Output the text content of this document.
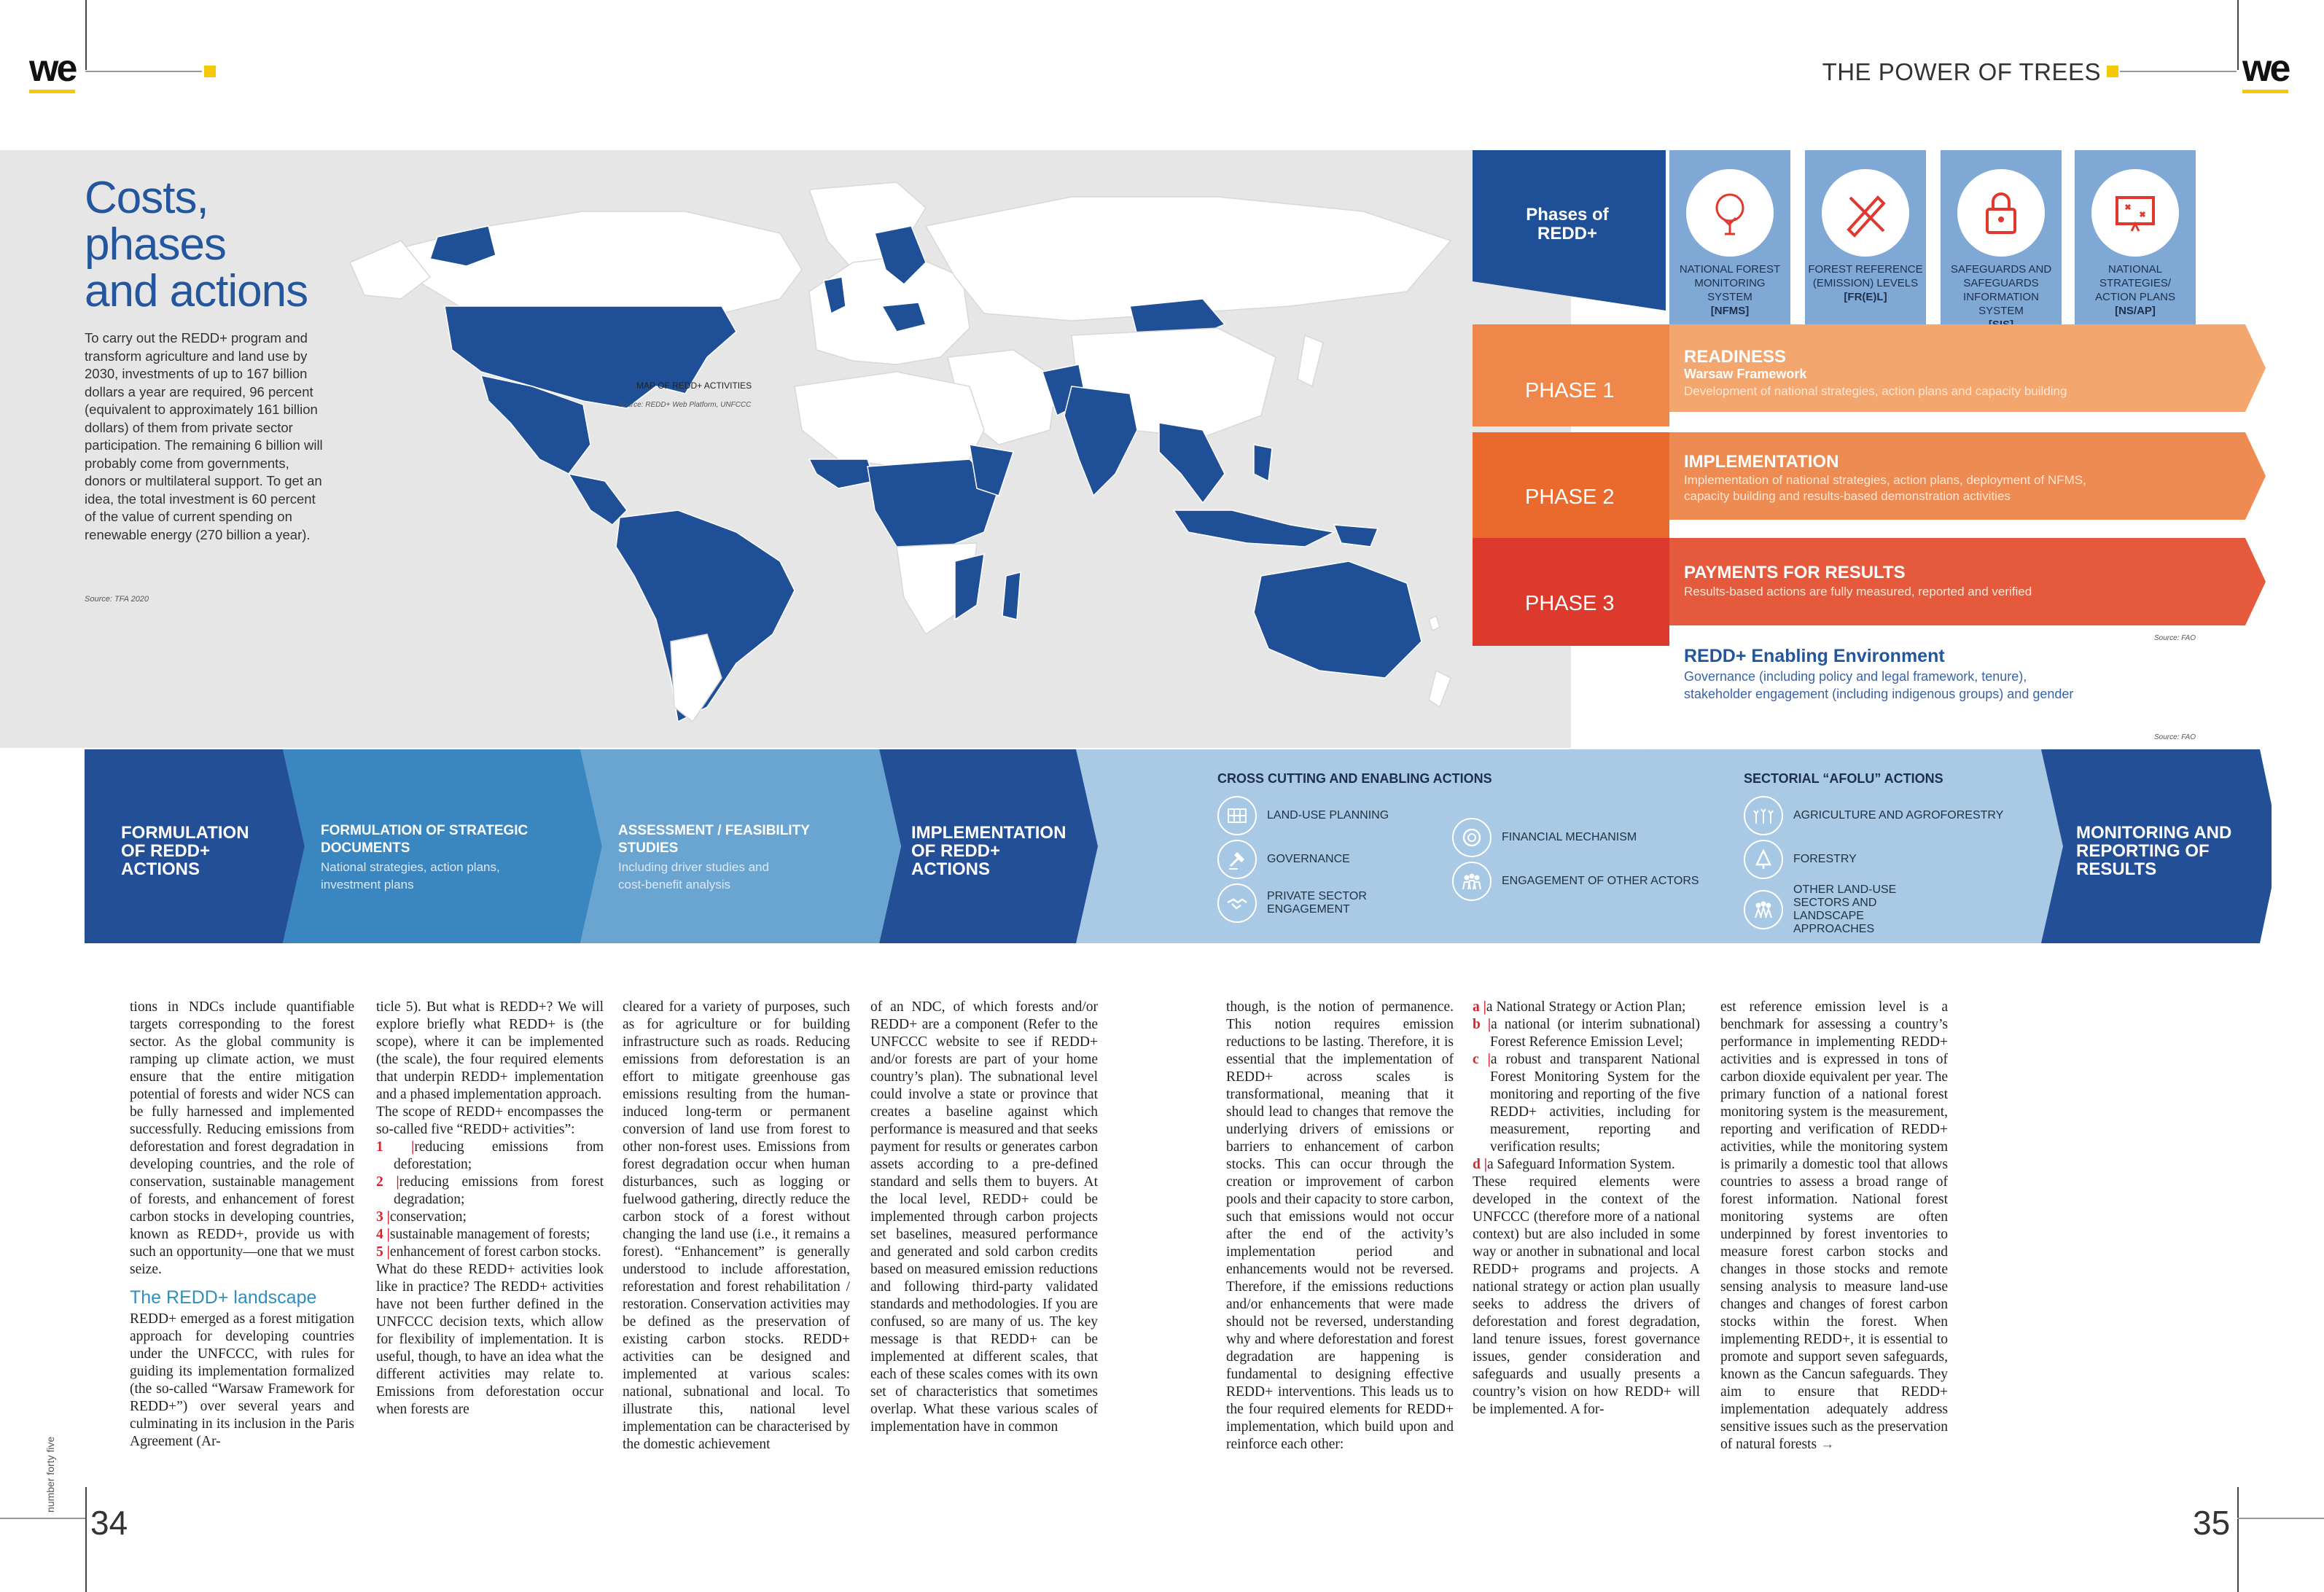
we	THE POWER OF TREES	we
Costs,
phases
and actions
To carry out the REDD+ program and transform agriculture and land use by 2030, investments of up to 167 billion dollars a year are required, 96 percent (equivalent to approximately 161 billion dollars) of them from private sector participation. The remaining 6 billion will probably come from governments, donors or multilateral support. To get an idea, the total investment is 60 percent of the value of current spending on renewable energy (270 billion a year).
Source: TFA 2020
MAP OF REDD+ ACTIVITIES
Source: REDD+ Web Platform, UNFCCC
Phases of REDD+
NATIONAL FOREST MONITORING SYSTEM
[NFMS]
FOREST REFERENCE (EMISSION) LEVELS
[FR(E)L]
SAFEGUARDS AND SAFEGUARDS INFORMATION SYSTEM

NATIONAL STRATEGIES/ ACTION PLANS
[NS/AP]
PHASE 1
READINESS
Warsaw Framework
Development of national strategies, action plans and capacity building
PHASE 2
IMPLEMENTATION
Implementation of national strategies, action plans, deployment of NFMS, capacity building and results-based demonstration activities
PHASE 3
PAYMENTS FOR RESULTS
Results-based actions are fully measured, reported and verified
Source: FAO
REDD+ Enabling Environment
Governance (including policy and legal framework, tenure), stakeholder engagement (including indigenous groups) and gender
Source: FAO
FORMULATION OF REDD+ ACTIONS
FORMULATION OF STRATEGIC DOCUMENTS
National strategies, action plans, investment plans
ASSESSMENT / FEASIBILITY STUDIES
Including driver studies and cost-benefit analysis
IMPLEMENTATION OF REDD+ ACTIONS
CROSS CUTTING AND ENABLING ACTIONS
LAND-USE PLANNING
GOVERNANCE
PRIVATE SECTOR ENGAGEMENT
FINANCIAL MECHANISM
ENGAGEMENT OF OTHER ACTORS
SECTORIAL “AFOLU” ACTIONS
AGRICULTURE AND AGROFORESTRY
FORESTRY
OTHER LAND-USE SECTORS AND LANDSCAPE APPROACHES
MONITORING AND REPORTING OF RESULTS

tions in NDCs include quantifiable targets corresponding to the forest sector. As the global community is ramping up climate action, we must ensure that the entire mitigation potential of forests and wider NCS can be fully harnessed and implemented successfully. Reducing emissions from deforestation and forest degradation in developing countries, and the role of conservation, sustainable management of forests, and enhancement of forest carbon stocks in developing countries, known as REDD+, provide us with such an opportunity—one that we must seize.

The REDD+ landscape

REDD+ emerged as a forest mitigation approach for developing countries under the UNFCCC, with rules for guiding its implementation formalized (the so-called “Warsaw Framework for REDD+”) over several years and culminating in its inclusion in the Paris Agreement (Ar-

ticle 5). But what is REDD+? We will explore briefly what REDD+ is (the scope), where it can be implemented (the scale), the four required elements that underpin REDD+ implementation and a phased implementation approach.

The scope of REDD+ encompasses the so-called five “REDD+ activities”:

1 |reducing emissions from deforestation;

2 |reducing emissions from forest degradation;

3 |conservation;

4 |sustainable management of forests;

5 |enhancement of forest carbon stocks.

What do these REDD+ activities look like in practice? The REDD+ activities have not been further defined in the UNFCCC decision texts, which allow for flexibility of implementation. It is useful, though, to have an idea what the different activities may relate to. Emissions from deforestation occur when forests are

cleared for a variety of purposes, such as for agriculture or for building infrastructure such as roads. Reducing emissions from deforestation is an effort to mitigate greenhouse gas emissions resulting from the human-induced long-term or permanent conversion of land use from forest to other non-forest uses. Emissions from forest degradation occur when human disturbances, such as logging or fuelwood gathering, directly reduce the carbon stock of a forest without changing the land use (i.e., it remains a forest). “Enhancement” is generally understood to include afforestation, reforestation and forest rehabilitation / restoration. Conservation activities may be defined as the preservation of existing carbon stocks. REDD+ activities can be designed and implemented at various scales: national, subnational and local. To illustrate this, national level implementation can be characterised by the domestic achievement

of an NDC, of which forests and/or REDD+ are a component (Refer to the UNFCCC website to see if REDD+ and/or forests are part of your home country’s plan). The subnational level could involve a state or province that creates a baseline against which performance is measured and that seeks payment for results or generates carbon assets according to a pre-defined standard and sells them to buyers. At the local level, REDD+ could be implemented through carbon projects set baselines, measured performance and generated and sold carbon credits based on measured emission reductions and following third-party validated standards and methodologies. If you are confused, so are many of us. The key message is that REDD+ can be implemented at different scales, that each of these scales comes with its own set of characteristics that sometimes overlap. What these various scales of implementation have in common

though, is the notion of permanence. This notion requires emission reductions to be lasting. Therefore, it is essential that the implementation of REDD+ across scales is transformational, meaning that it should lead to changes that remove the underlying drivers of emissions or barriers to enhancement of carbon stocks. This can occur through the creation or improvement of carbon pools and their capacity to store carbon, such that emissions would not occur after the end of the activity’s implementation period and enhancements would not be reversed. Therefore, if the emissions reductions and/or enhancements that were made should not be reversed, understanding why and where deforestation and forest degradation are happening is fundamental to designing effective REDD+ interventions. This leads us to the four required elements for REDD+ implementation, which build upon and reinforce each other:

a |a National Strategy or Action Plan;

b |a national (or interim subnational) Forest Reference Emission Level;

c |a robust and transparent National Forest Monitoring System for the monitoring and reporting of the five REDD+ activities, including for measurement, reporting and verification results;

d |a Safeguard Information System.

These required elements were developed in the context of the UNFCCC (therefore more of a national context) but are also included in some way or another in subnational and local REDD+ programs and projects. A national strategy or action plan usually seeks to address the drivers of deforestation and forest degradation, land tenure issues, forest governance issues, gender consideration and safeguards and usually presents a country’s vision on how REDD+ will be implemented. A for-

est reference emission level is a benchmark for assessing a country’s performance in implementing REDD+ activities and is expressed in tons of carbon dioxide equivalent per year. The primary function of a national forest monitoring system is the measurement, reporting and verification of REDD+ activities, while the monitoring system is primarily a domestic tool that allows countries to assess a broad range of forest information. National forest monitoring systems are often underpinned by forest inventories to measure forest carbon stocks and changes in those stocks and remote sensing analysis to measure land-use changes and changes of forest carbon stocks within the forest. When implementing REDD+, it is essential to promote and support seven safeguards, known as the Cancun safeguards. They aim to ensure that REDD+ implementation adequately address sensitive issues such as the preservation of natural forests →

number forty five
34	35
